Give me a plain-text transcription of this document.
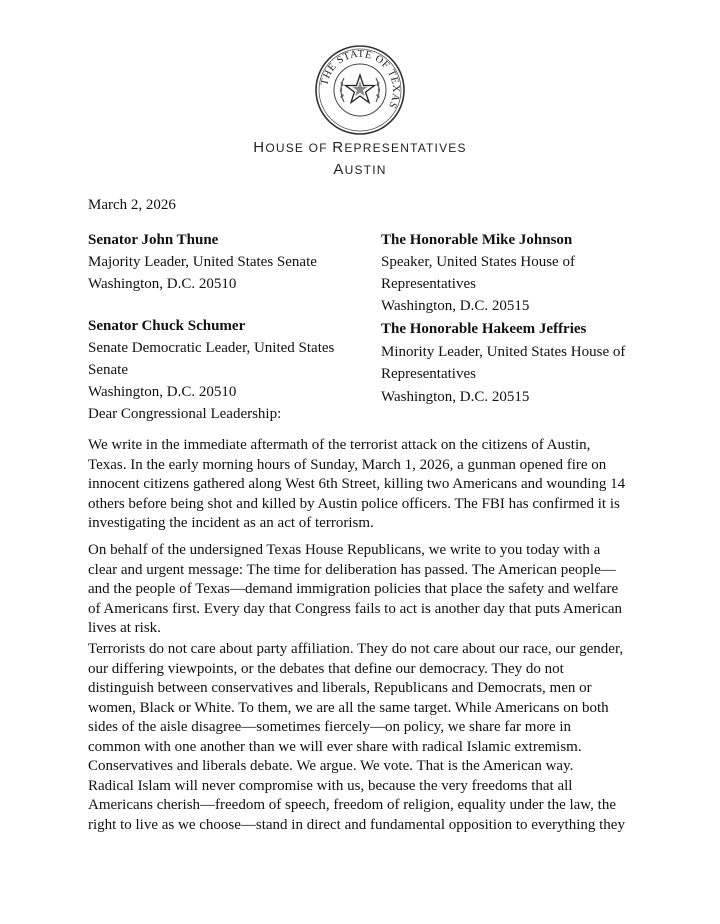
THE STATE OF TEXAS
HOUSE OF REPRESENTATIVES
AUSTIN
March 2, 2026
Senator John Thune
Majority Leader, United States Senate
Washington, D.C. 20510
The Honorable Mike Johnson
Speaker, United States House of
Representatives
Washington, D.C. 20515
Senator Chuck Schumer
Senate Democratic Leader, United States
Senate
Washington, D.C. 20510
The Honorable Hakeem Jeffries
Minority Leader, United States House of
Representatives
Washington, D.C. 20515
Dear Congressional Leadership:
We write in the immediate aftermath of the terrorist attack on the citizens of Austin,
Texas. In the early morning hours of Sunday, March 1, 2026, a gunman opened fire on
innocent citizens gathered along West 6th Street, killing two Americans and wounding 14
others before being shot and killed by Austin police officers. The FBI has confirmed it is
investigating the incident as an act of terrorism.
On behalf of the undersigned Texas House Republicans, we write to you today with a
clear and urgent message: The time for deliberation has passed. The American people—
and the people of Texas—demand immigration policies that place the safety and welfare
of Americans first. Every day that Congress fails to act is another day that puts American
lives at risk.
Terrorists do not care about party affiliation. They do not care about our race, our gender,
our differing viewpoints, or the debates that define our democracy. They do not
distinguish between conservatives and liberals, Republicans and Democrats, men or
women, Black or White. To them, we are all the same target. While Americans on both
sides of the aisle disagree—sometimes fiercely—on policy, we share far more in
common with one another than we will ever share with radical Islamic extremism.
Conservatives and liberals debate. We argue. We vote. That is the American way.
Radical Islam will never compromise with us, because the very freedoms that all
Americans cherish—freedom of speech, freedom of religion, equality under the law, the
right to live as we choose—stand in direct and fundamental opposition to everything they
